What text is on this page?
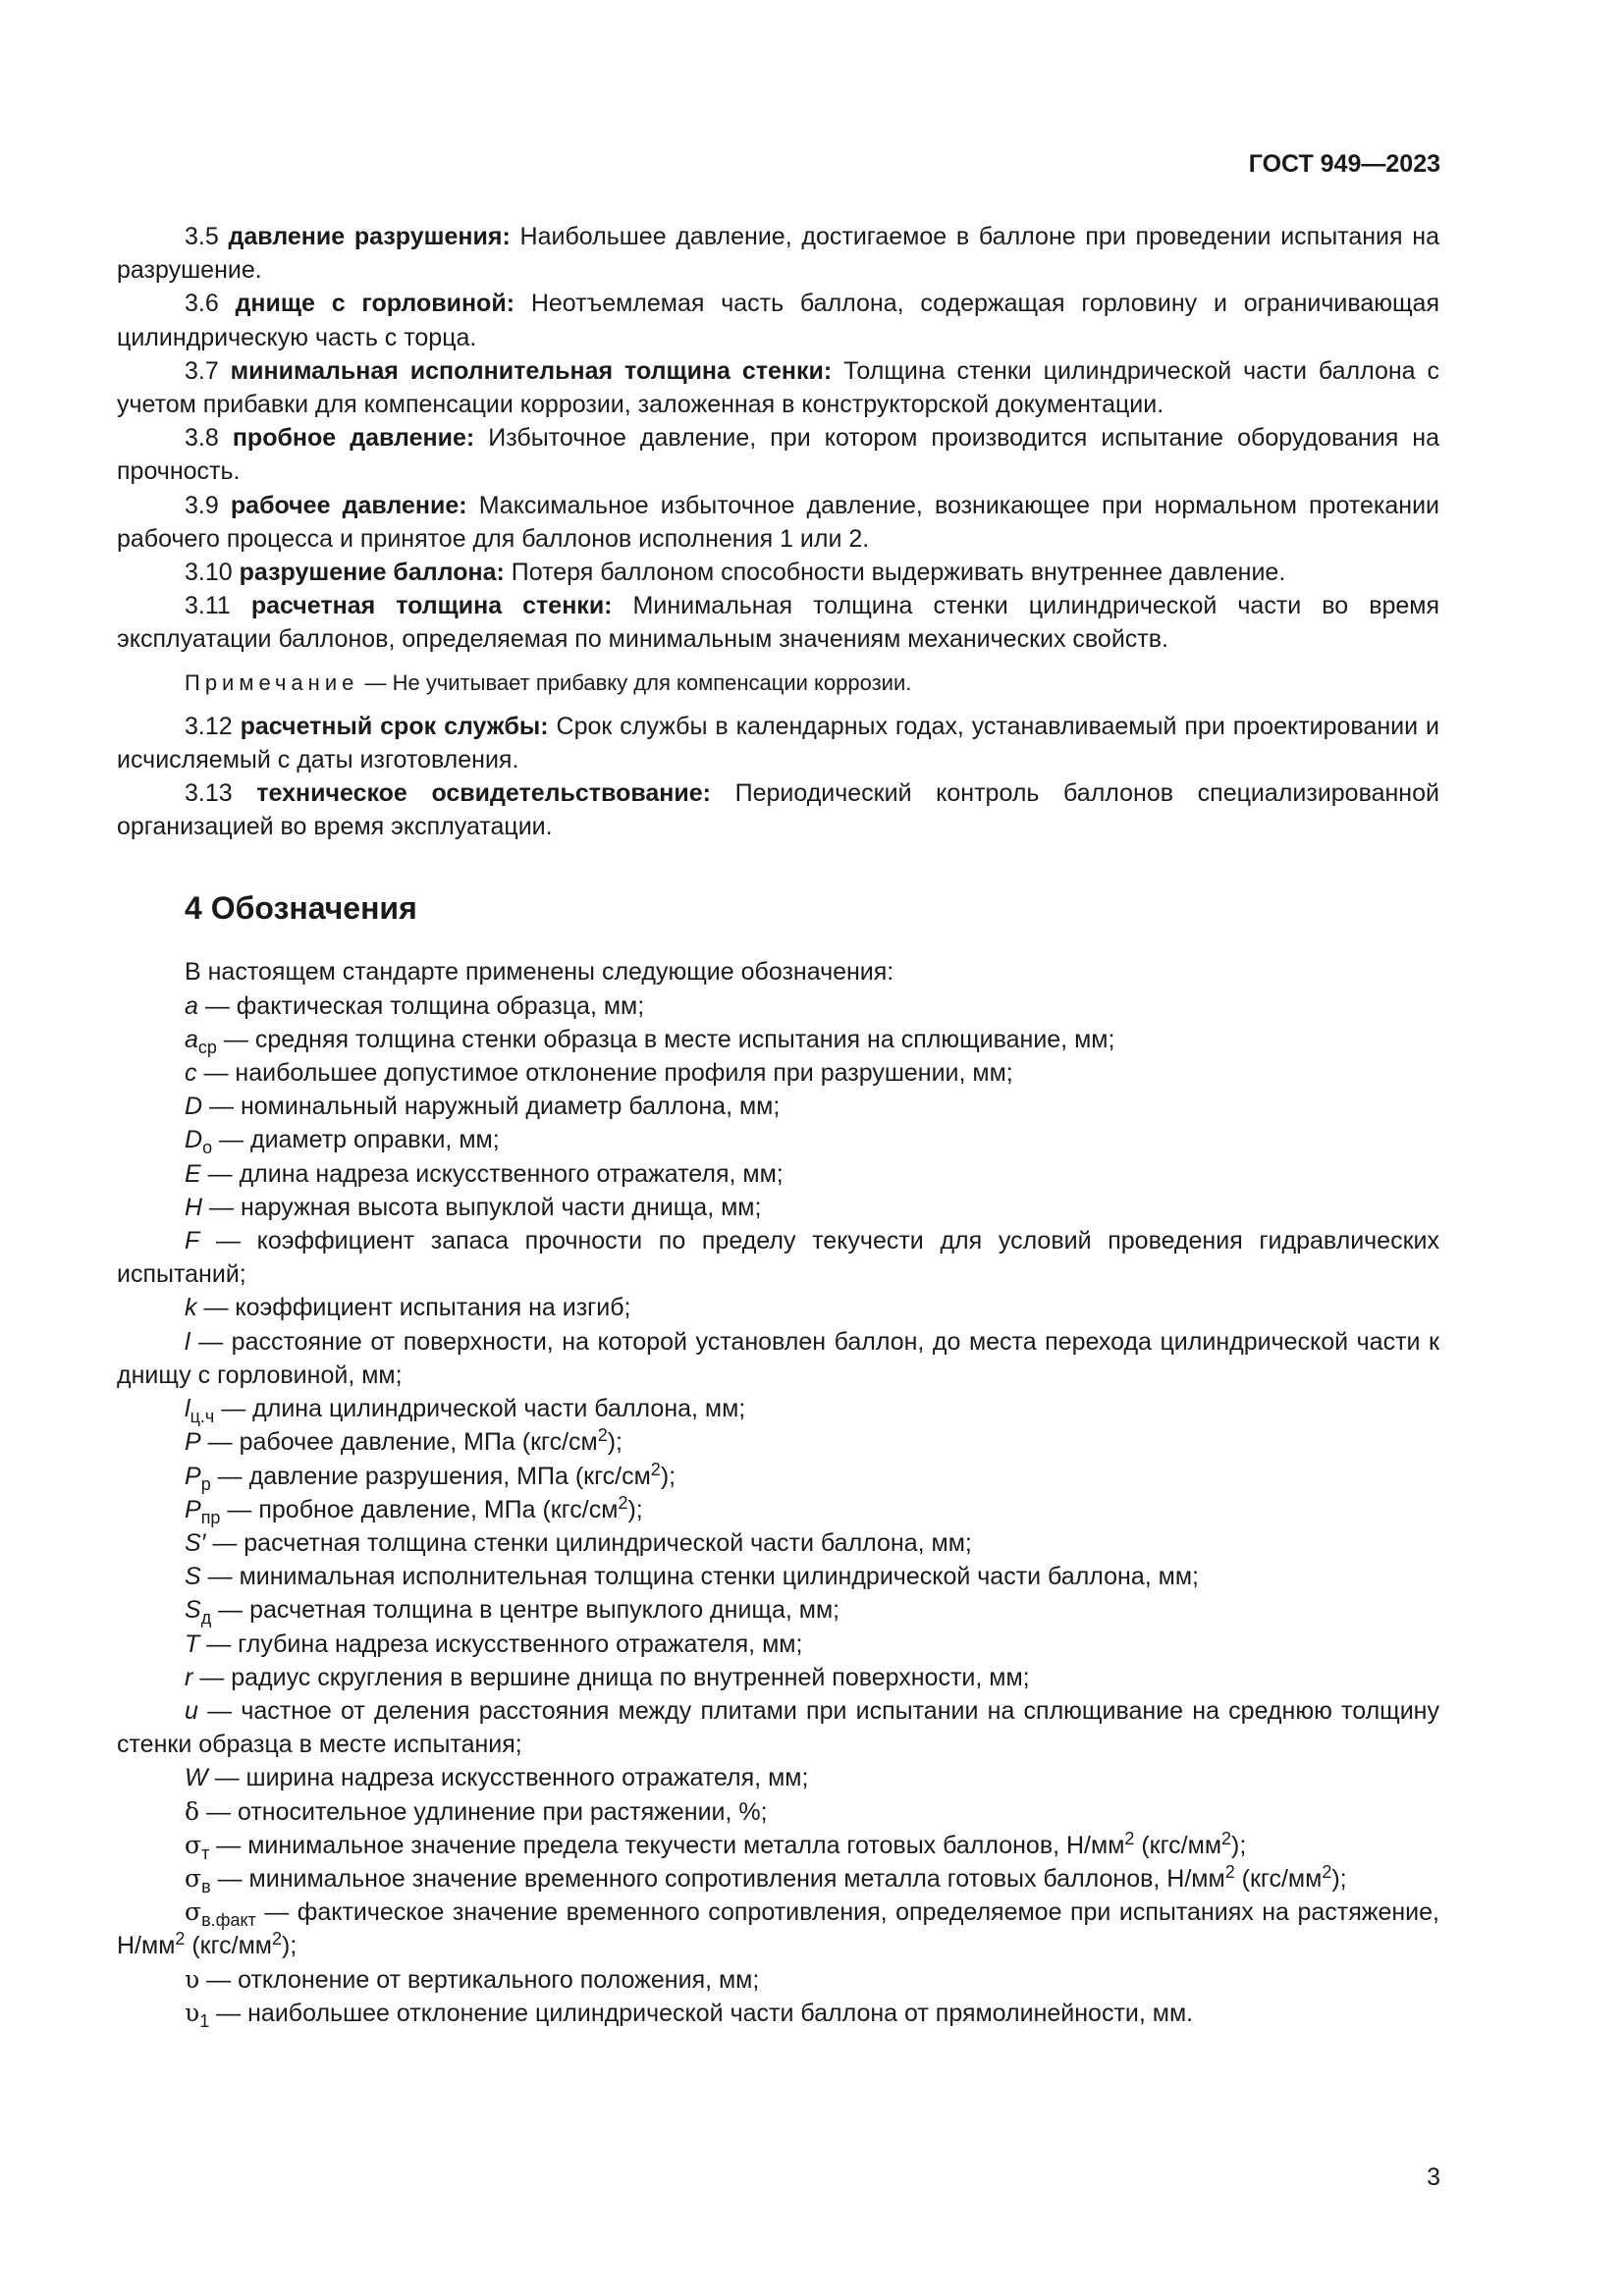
ГОСТ 949—2023

3.5 давление разрушения: Наибольшее давление, достигаемое в баллоне при проведении испытания на разрушение.

3.6 днище с горловиной: Неотъемлемая часть баллона, содержащая горловину и ограничивающая цилиндрическую часть с торца.

3.7 минимальная исполнительная толщина стенки: Толщина стенки цилиндрической части баллона с учетом прибавки для компенсации коррозии, заложенная в конструкторской документации.

3.8 пробное давление: Избыточное давление, при котором производится испытание оборудования на прочность.

3.9 рабочее давление: Максимальное избыточное давление, возникающее при нормальном протекании рабочего процесса и принятое для баллонов исполнения 1 или 2.

3.10 разрушение баллона: Потеря баллоном способности выдерживать внутреннее давление.

3.11 расчетная толщина стенки: Минимальная толщина стенки цилиндрической части во время эксплуатации баллонов, определяемая по минимальным значениям механических свойств.

Примечание — Не учитывает прибавку для компенсации коррозии.

3.12 расчетный срок службы: Срок службы в календарных годах, устанавливаемый при проектировании и исчисляемый с даты изготовления.

3.13 техническое освидетельствование: Периодический контроль баллонов специализированной организацией во время эксплуатации.

4 Обозначения

В настоящем стандарте применены следующие обозначения:

a — фактическая толщина образца, мм;

$a_{ср}$ — средняя толщина стенки образца в месте испытания на сплющивание, мм;

c — наибольшее допустимое отклонение профиля при разрушении, мм;

D — номинальный наружный диаметр баллона, мм;

$D_о$ — диаметр оправки, мм;

E — длина надреза искусственного отражателя, мм;

H — наружная высота выпуклой части днища, мм;

F — коэффициент запаса прочности по пределу текучести для условий проведения гидравлических испытаний;

k — коэффициент испытания на изгиб;

l — расстояние от поверхности, на которой установлен баллон, до места перехода цилиндрической части к днищу с горловиной, мм;

$l_{ц.ч}$ — длина цилиндрической части баллона, мм;

P — рабочее давление, МПа $(кгс/см^2)$;

$P_р$ — давление разрушения, МПа $(кгс/см^2)$;

$P_{пр}$ — пробное давление, МПа $(кгс/см^2)$;

S′ — расчетная толщина стенки цилиндрической части баллона, мм;

S — минимальная исполнительная толщина стенки цилиндрической части баллона, мм;

$S_д$ — расчетная толщина в центре выпуклого днища, мм;

T — глубина надреза искусственного отражателя, мм;

r — радиус скругления в вершине днища по внутренней поверхности, мм;

u — частное от деления расстояния между плитами при испытании на сплющивание на среднюю толщину стенки образца в месте испытания;

W — ширина надреза искусственного отражателя, мм;

δ — относительное удлинение при растяжении, %;

$\sigma_т$ — минимальное значение предела текучести металла готовых баллонов, $Н/мм^2$ $(кгс/мм^2)$;

$\sigma_в$ — минимальное значение временного сопротивления металла готовых баллонов, $Н/мм^2$ $(кгс/мм^2)$;

$\sigma_{в.факт}$ — фактическое значение временного сопротивления, определяемое при испытаниях на растяжение, $Н/мм^2$ $(кгс/мм^2)$;

υ — отклонение от вертикального положения, мм;

$\upsilon_1$ — наибольшее отклонение цилиндрической части баллона от прямолинейности, мм.

3
